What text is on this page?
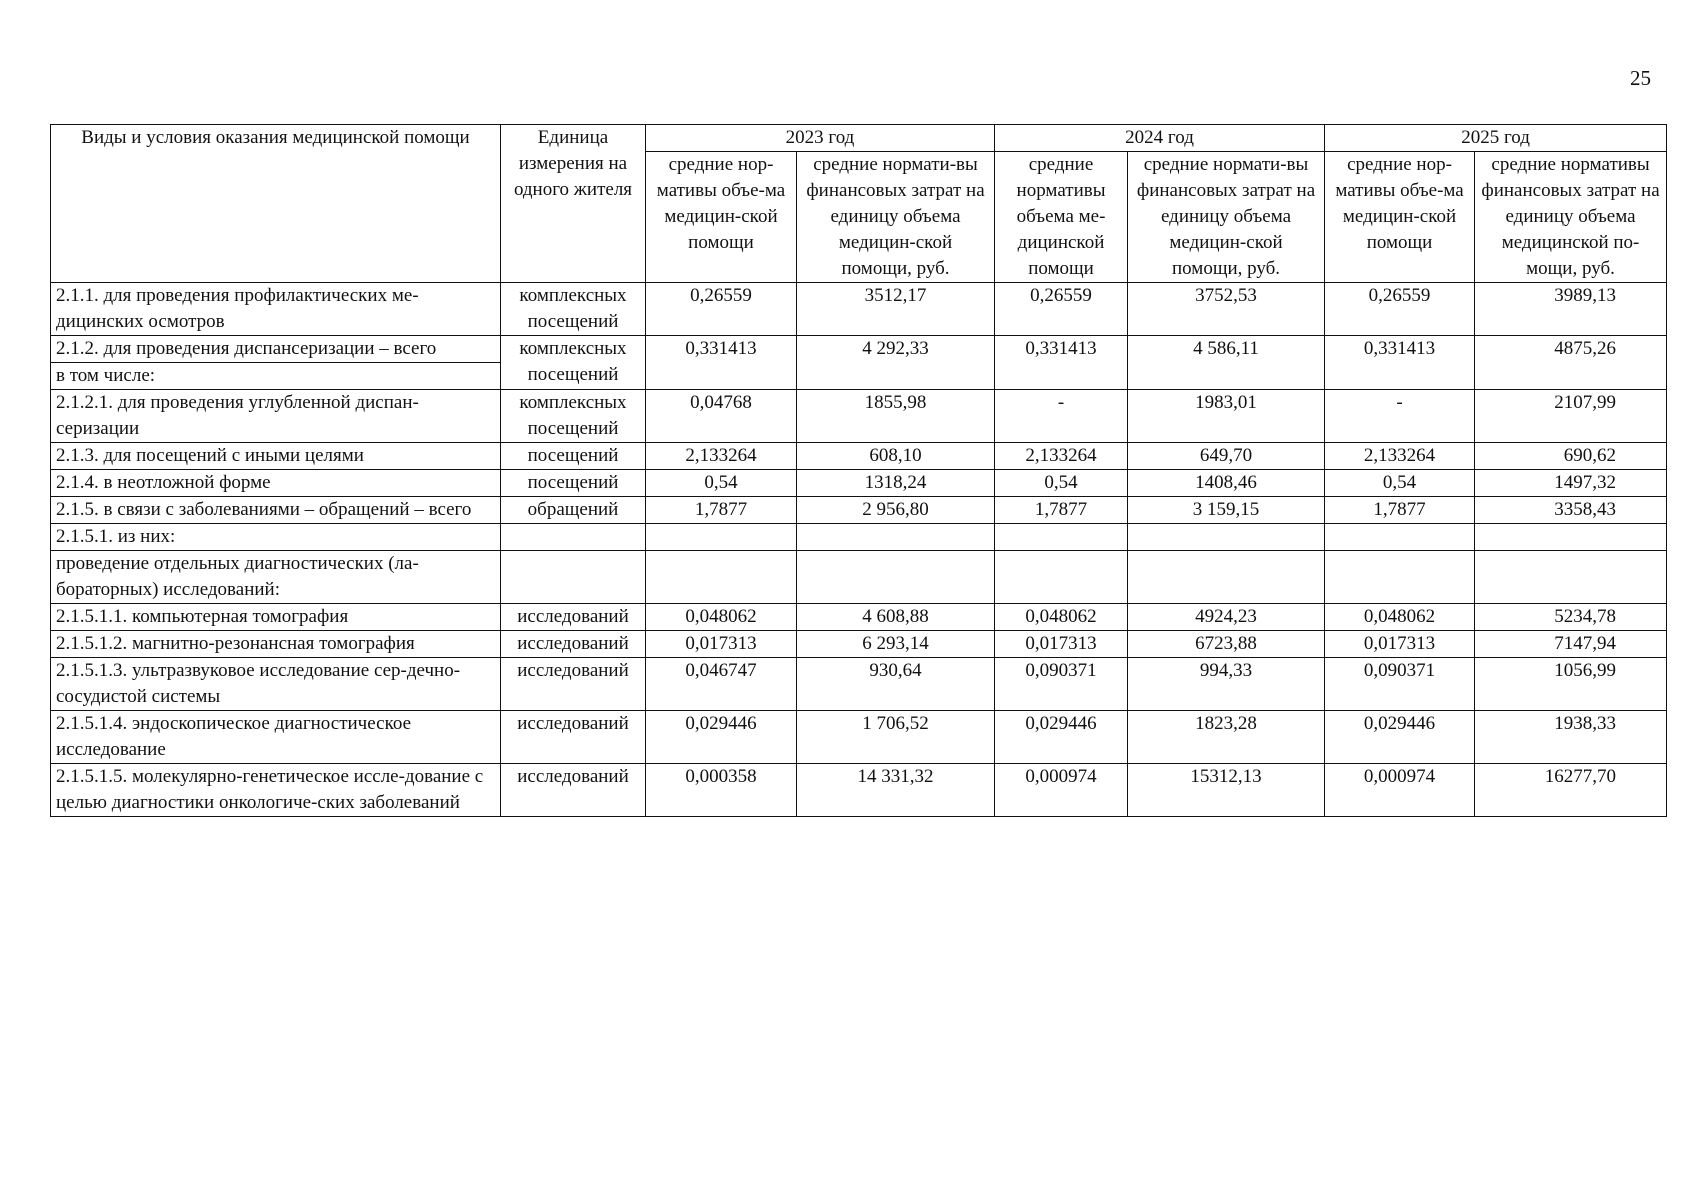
25
Виды и условия оказания медицинской помощи	Единица измерения на одного жителя	2023 год		2024 год		2025 год	
		средние нор-мативы объе-ма медицин-ской помощи	средние нормати-вы финансовых затрат на единицу объема медицин-ской помощи, руб.	средние нормативы объема ме-дицинской помощи	средние нормати-вы финансовых затрат на единицу объема медицин-ской помощи, руб.	средние нор-мативы объе-ма медицин-ской помощи	средние нормативы финансовых затрат на единицу объема медицинской по-мощи, руб.
2.1.1. для проведения профилактических ме-дицинских осмотров	комплексных посещений	0,26559	3512,17	0,26559	3752,53	0,26559	3989,13
2.1.2. для проведения диспансеризации – всего	комплексных посещений	0,331413	4 292,33	0,331413	4 586,11	0,331413	4875,26
в том числе:							
2.1.2.1. для проведения углубленной диспан-серизации	комплексных посещений	0,04768	1855,98	-	1983,01	-	2107,99
2.1.3. для посещений с иными целями	посещений	2,133264	608,10	2,133264	649,70	2,133264	690,62
2.1.4. в неотложной форме	посещений	0,54	1318,24	0,54	1408,46	0,54	1497,32
2.1.5. в связи с заболеваниями – обращений – всего	обращений	1,7877	2 956,80	1,7877	3 159,15	1,7877	3358,43
2.1.5.1. из них:							
проведение отдельных диагностических (ла-бораторных) исследований:							
2.1.5.1.1. компьютерная томография	исследований	0,048062	4 608,88	0,048062	4924,23	0,048062	5234,78
2.1.5.1.2. магнитно-резонансная томография	исследований	0,017313	6 293,14	0,017313	6723,88	0,017313	7147,94
2.1.5.1.3. ультразвуковое исследование сер-дечно-сосудистой системы	исследований	0,046747	930,64	0,090371	994,33	0,090371	1056,99
2.1.5.1.4. эндоскопическое диагностическое исследование	исследований	0,029446	1 706,52	0,029446	1823,28	0,029446	1938,33
2.1.5.1.5. молекулярно-генетическое иссле-дование с целью диагностики онкологиче-ских заболеваний	исследований	0,000358	14 331,32	0,000974	15312,13	0,000974	16277,70
